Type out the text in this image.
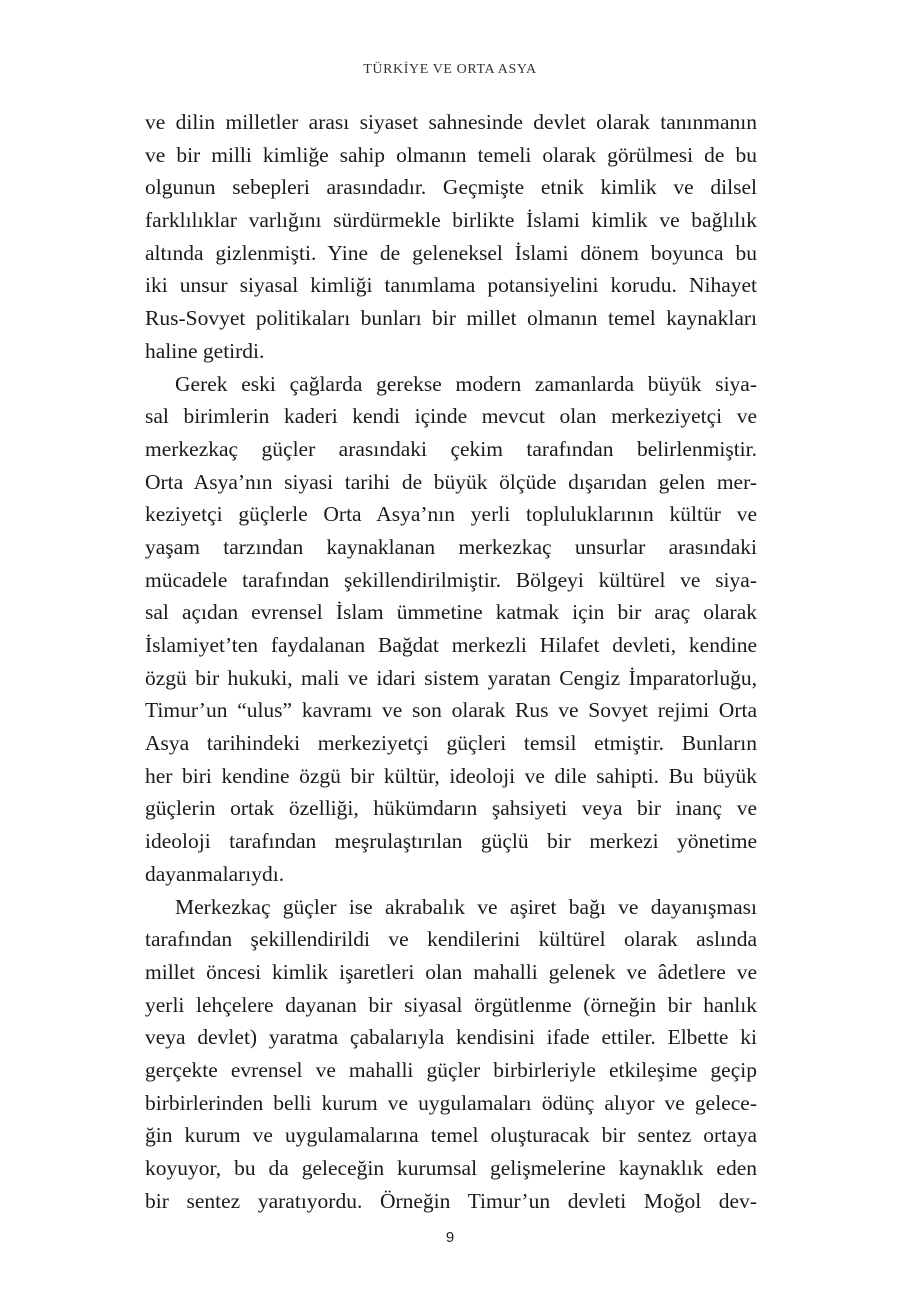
TÜRKİYE VE ORTA ASYA
ve dilin milletler arası siyaset sahnesinde devlet olarak tanınmanın
ve bir milli kimliğe sahip olmanın temeli olarak görülmesi de bu
olgunun sebepleri arasındadır. Geçmişte etnik kimlik ve dilsel
farklılıklar varlığını sürdürmekle birlikte İslami kimlik ve bağlılık
altında gizlenmişti. Yine de geleneksel İslami dönem boyunca bu
iki unsur siyasal kimliği tanımlama potansiyelini korudu. Nihayet
Rus-Sovyet politikaları bunları bir millet olmanın temel kaynakları
haline getirdi.
Gerek eski çağlarda gerekse modern zamanlarda büyük siya-
sal birimlerin kaderi kendi içinde mevcut olan merkeziyetçi ve
merkezkaç güçler arasındaki çekim tarafından belirlenmiştir.
Orta Asya’nın siyasi tarihi de büyük ölçüde dışarıdan gelen mer-
keziyetçi güçlerle Orta Asya’nın yerli topluluklarının kültür ve
yaşam tarzından kaynaklanan merkezkaç unsurlar arasındaki
mücadele tarafından şekillendirilmiştir. Bölgeyi kültürel ve siya-
sal açıdan evrensel İslam ümmetine katmak için bir araç olarak
İslamiyet’ten faydalanan Bağdat merkezli Hilafet devleti, kendine
özgü bir hukuki, mali ve idari sistem yaratan Cengiz İmparatorluğu,
Timur’un “ulus” kavramı ve son olarak Rus ve Sovyet rejimi Orta
Asya tarihindeki merkeziyetçi güçleri temsil etmiştir. Bunların
her biri kendine özgü bir kültür, ideoloji ve dile sahipti. Bu büyük
güçlerin ortak özelliği, hükümdarın şahsiyeti veya bir inanç ve
ideoloji tarafından meşrulaştırılan güçlü bir merkezi yönetime
dayanmalarıydı.
Merkezkaç güçler ise akrabalık ve aşiret bağı ve dayanışması
tarafından şekillendirildi ve kendilerini kültürel olarak aslında
millet öncesi kimlik işaretleri olan mahalli gelenek ve âdetlere ve
yerli lehçelere dayanan bir siyasal örgütlenme (örneğin bir hanlık
veya devlet) yaratma çabalarıyla kendisini ifade ettiler. Elbette ki
gerçekte evrensel ve mahalli güçler birbirleriyle etkileşime geçip
birbirlerinden belli kurum ve uygulamaları ödünç alıyor ve gelece-
ğin kurum ve uygulamalarına temel oluşturacak bir sentez ortaya
koyuyor, bu da geleceğin kurumsal gelişmelerine kaynaklık eden
bir sentez yaratıyordu. Örneğin Timur’un devleti Moğol dev-
9
